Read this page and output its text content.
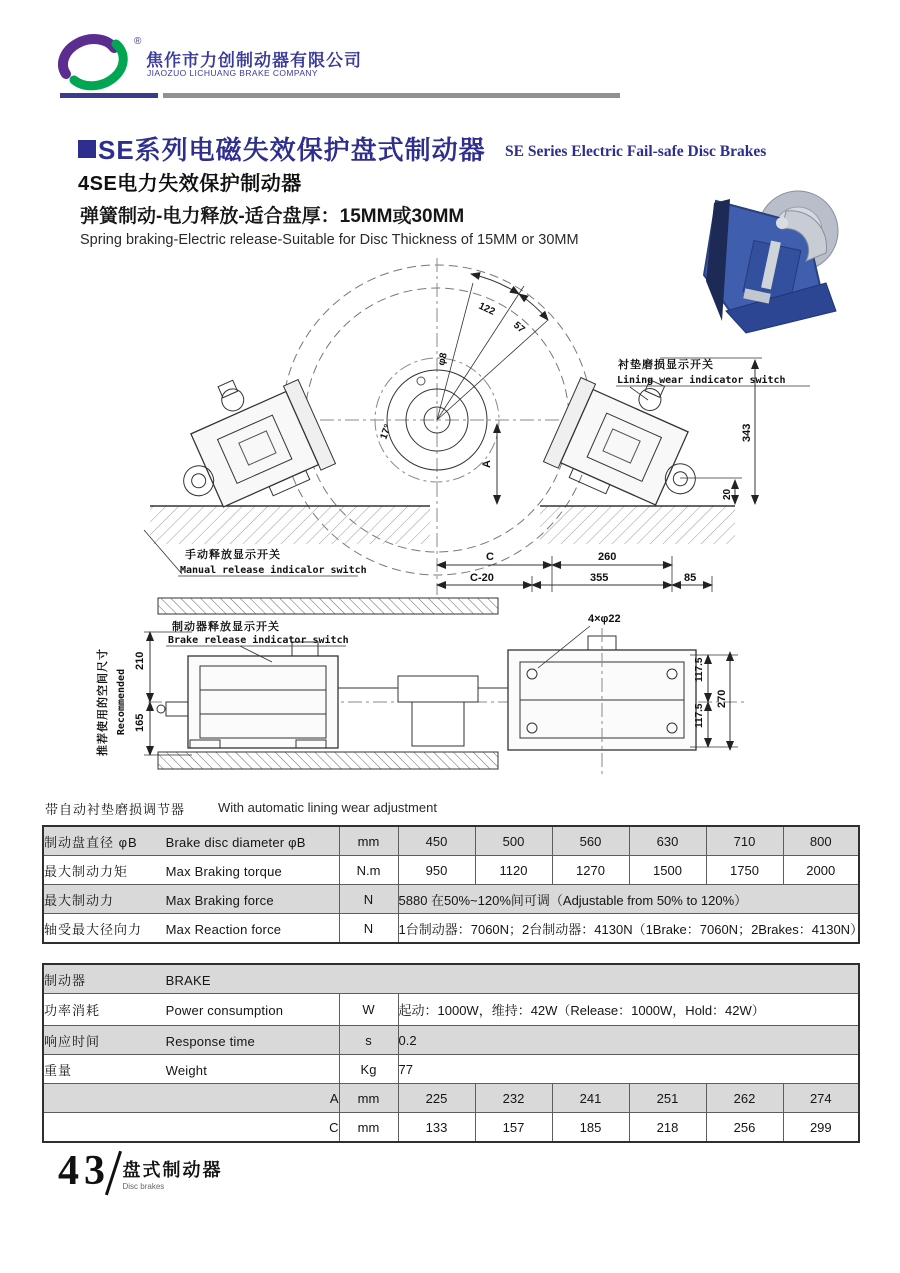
®
焦作市力创制动器有限公司
JIAOZUO LICHUANG BRAKE COMPANY
SE系列电磁失效保护盘式制动器 SE Series Electric Fail-safe Disc Brakes
4SE电力失效保护制动器
弹簧制动-电力释放-适合盘厚：15MM或30MM
Spring braking-Electric release-Suitable for Disc Thickness of 15MM or 30MM
122
57
φ8
17°
A
343
20
衬垫磨损显示开关
Lining wear indicator switch
手动释放显示开关
Manual release indicalor switch
C	260
C-20	355	85
制动器释放显示开关
Brake release indicator switch
4×φ22
210
165
推荐使用的空间尺寸 Recommended	117.5
117.5
270
带自动衬垫磨损调节器	With automatic lining wear adjustment
制动盘直径 φB Brake disc diameter φB	mm	450	500	560	630	710	800
最大制动力矩 Max Braking torque	N.m	950	1120	1270	1500	1750	2000
最大制动力 Max Braking force	N	5880 在50%~120%间可调（Adjustable from 50% to 120%）					
轴受最大径向力 Max Reaction force	N	1台制动器：7060N；2台制动器：4130N（1Brake：7060N；2Brakes：4130N）					
制动器 BRAKE							
功率消耗 Power consumption	W	起动：1000W，维持：42W（Release：1000W，Hold：42W）					
响应时间 Response time	s	0.2					
重量 Weight	Kg	77					
A	mm	225	232	241	251	262	274
C	mm	133	157	185	218	256	299
43 盘式制动器
Disc brakes
